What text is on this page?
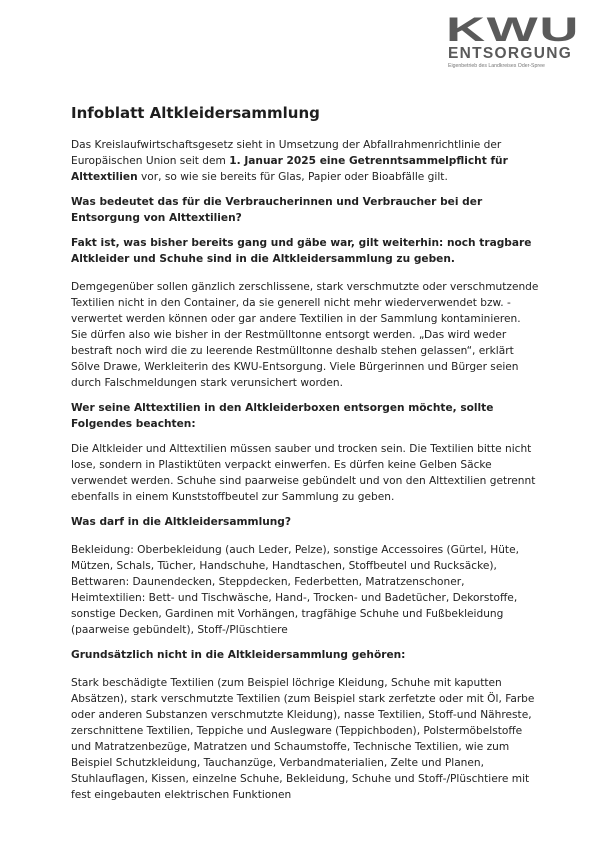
KWU
ENTSORGUNG
Eigenbetrieb des Landkreises Oder-Spree
Infoblatt Altkleidersammlung

Das Kreislaufwirtschaftsgesetz sieht in Umsetzung der Abfallrahmenrichtlinie der Europäischen Union seit dem 1. Januar 2025 eine Getrenntsammelpflicht für Alttextilien vor, so wie sie bereits für Glas, Papier oder Bioabfälle gilt.

Was bedeutet das für die Verbraucherinnen und Verbraucher bei der Entsorgung von Alttextilien?

Fakt ist, was bisher bereits gang und gäbe war, gilt weiterhin: noch tragbare Altkleider und Schuhe sind in die Altkleidersammlung zu geben.

Demgegenüber sollen gänzlich zerschlissene, stark verschmutzte oder verschmutzende Textilien nicht in den Container, da sie generell nicht mehr wiederverwendet bzw. -verwertet werden können oder gar andere Textilien in der Sammlung kontaminieren. Sie dürfen also wie bisher in der Restmülltonne entsorgt werden. „Das wird weder bestraft noch wird die zu leerende Restmülltonne deshalb stehen gelassen“, erklärt Sölve Drawe, Werkleiterin des KWU-Entsorgung. Viele Bürgerinnen und Bürger seien durch Falschmeldungen stark verunsichert worden.

Wer seine Alttextilien in den Altkleiderboxen entsorgen möchte, sollte Folgendes beachten:

Die Altkleider und Alttextilien müssen sauber und trocken sein. Die Textilien bitte nicht lose, sondern in Plastiktüten verpackt einwerfen. Es dürfen keine Gelben Säcke verwendet werden. Schuhe sind paarweise gebündelt und von den Alttextilien getrennt ebenfalls in einem Kunststoffbeutel zur Sammlung zu geben.

Was darf in die Altkleidersammlung?

Bekleidung: Oberbekleidung (auch Leder, Pelze), sonstige Accessoires (Gürtel, Hüte, Mützen, Schals, Tücher, Handschuhe, Handtaschen, Stoffbeutel und Rucksäcke), Bettwaren: Daunendecken, Steppdecken, Federbetten, Matratzenschoner, Heimtextilien: Bett- und Tischwäsche, Hand-, Trocken- und Badetücher, Dekorstoffe, sonstige Decken, Gardinen mit Vorhängen, tragfähige Schuhe und Fußbekleidung (paarweise gebündelt), Stoff-/Plüschtiere

Grundsätzlich nicht in die Altkleidersammlung gehören:

Stark beschädigte Textilien (zum Beispiel löchrige Kleidung, Schuhe mit kaputten Absätzen), stark verschmutzte Textilien (zum Beispiel stark zerfetzte oder mit Öl, Farbe oder anderen Substanzen verschmutzte Kleidung), nasse Textilien, Stoff-und Nähreste, zerschnittene Textilien, Teppiche und Auslegware (Teppichboden), Polstermöbelstoffe und Matratzenbezüge, Matratzen und Schaumstoffe, Technische Textilien, wie zum Beispiel Schutzkleidung, Tauchanzüge, Verbandmaterialien, Zelte und Planen, Stuhlauflagen, Kissen, einzelne Schuhe, Bekleidung, Schuhe und Stoff-/Plüschtiere mit fest eingebauten elektrischen Funktionen
